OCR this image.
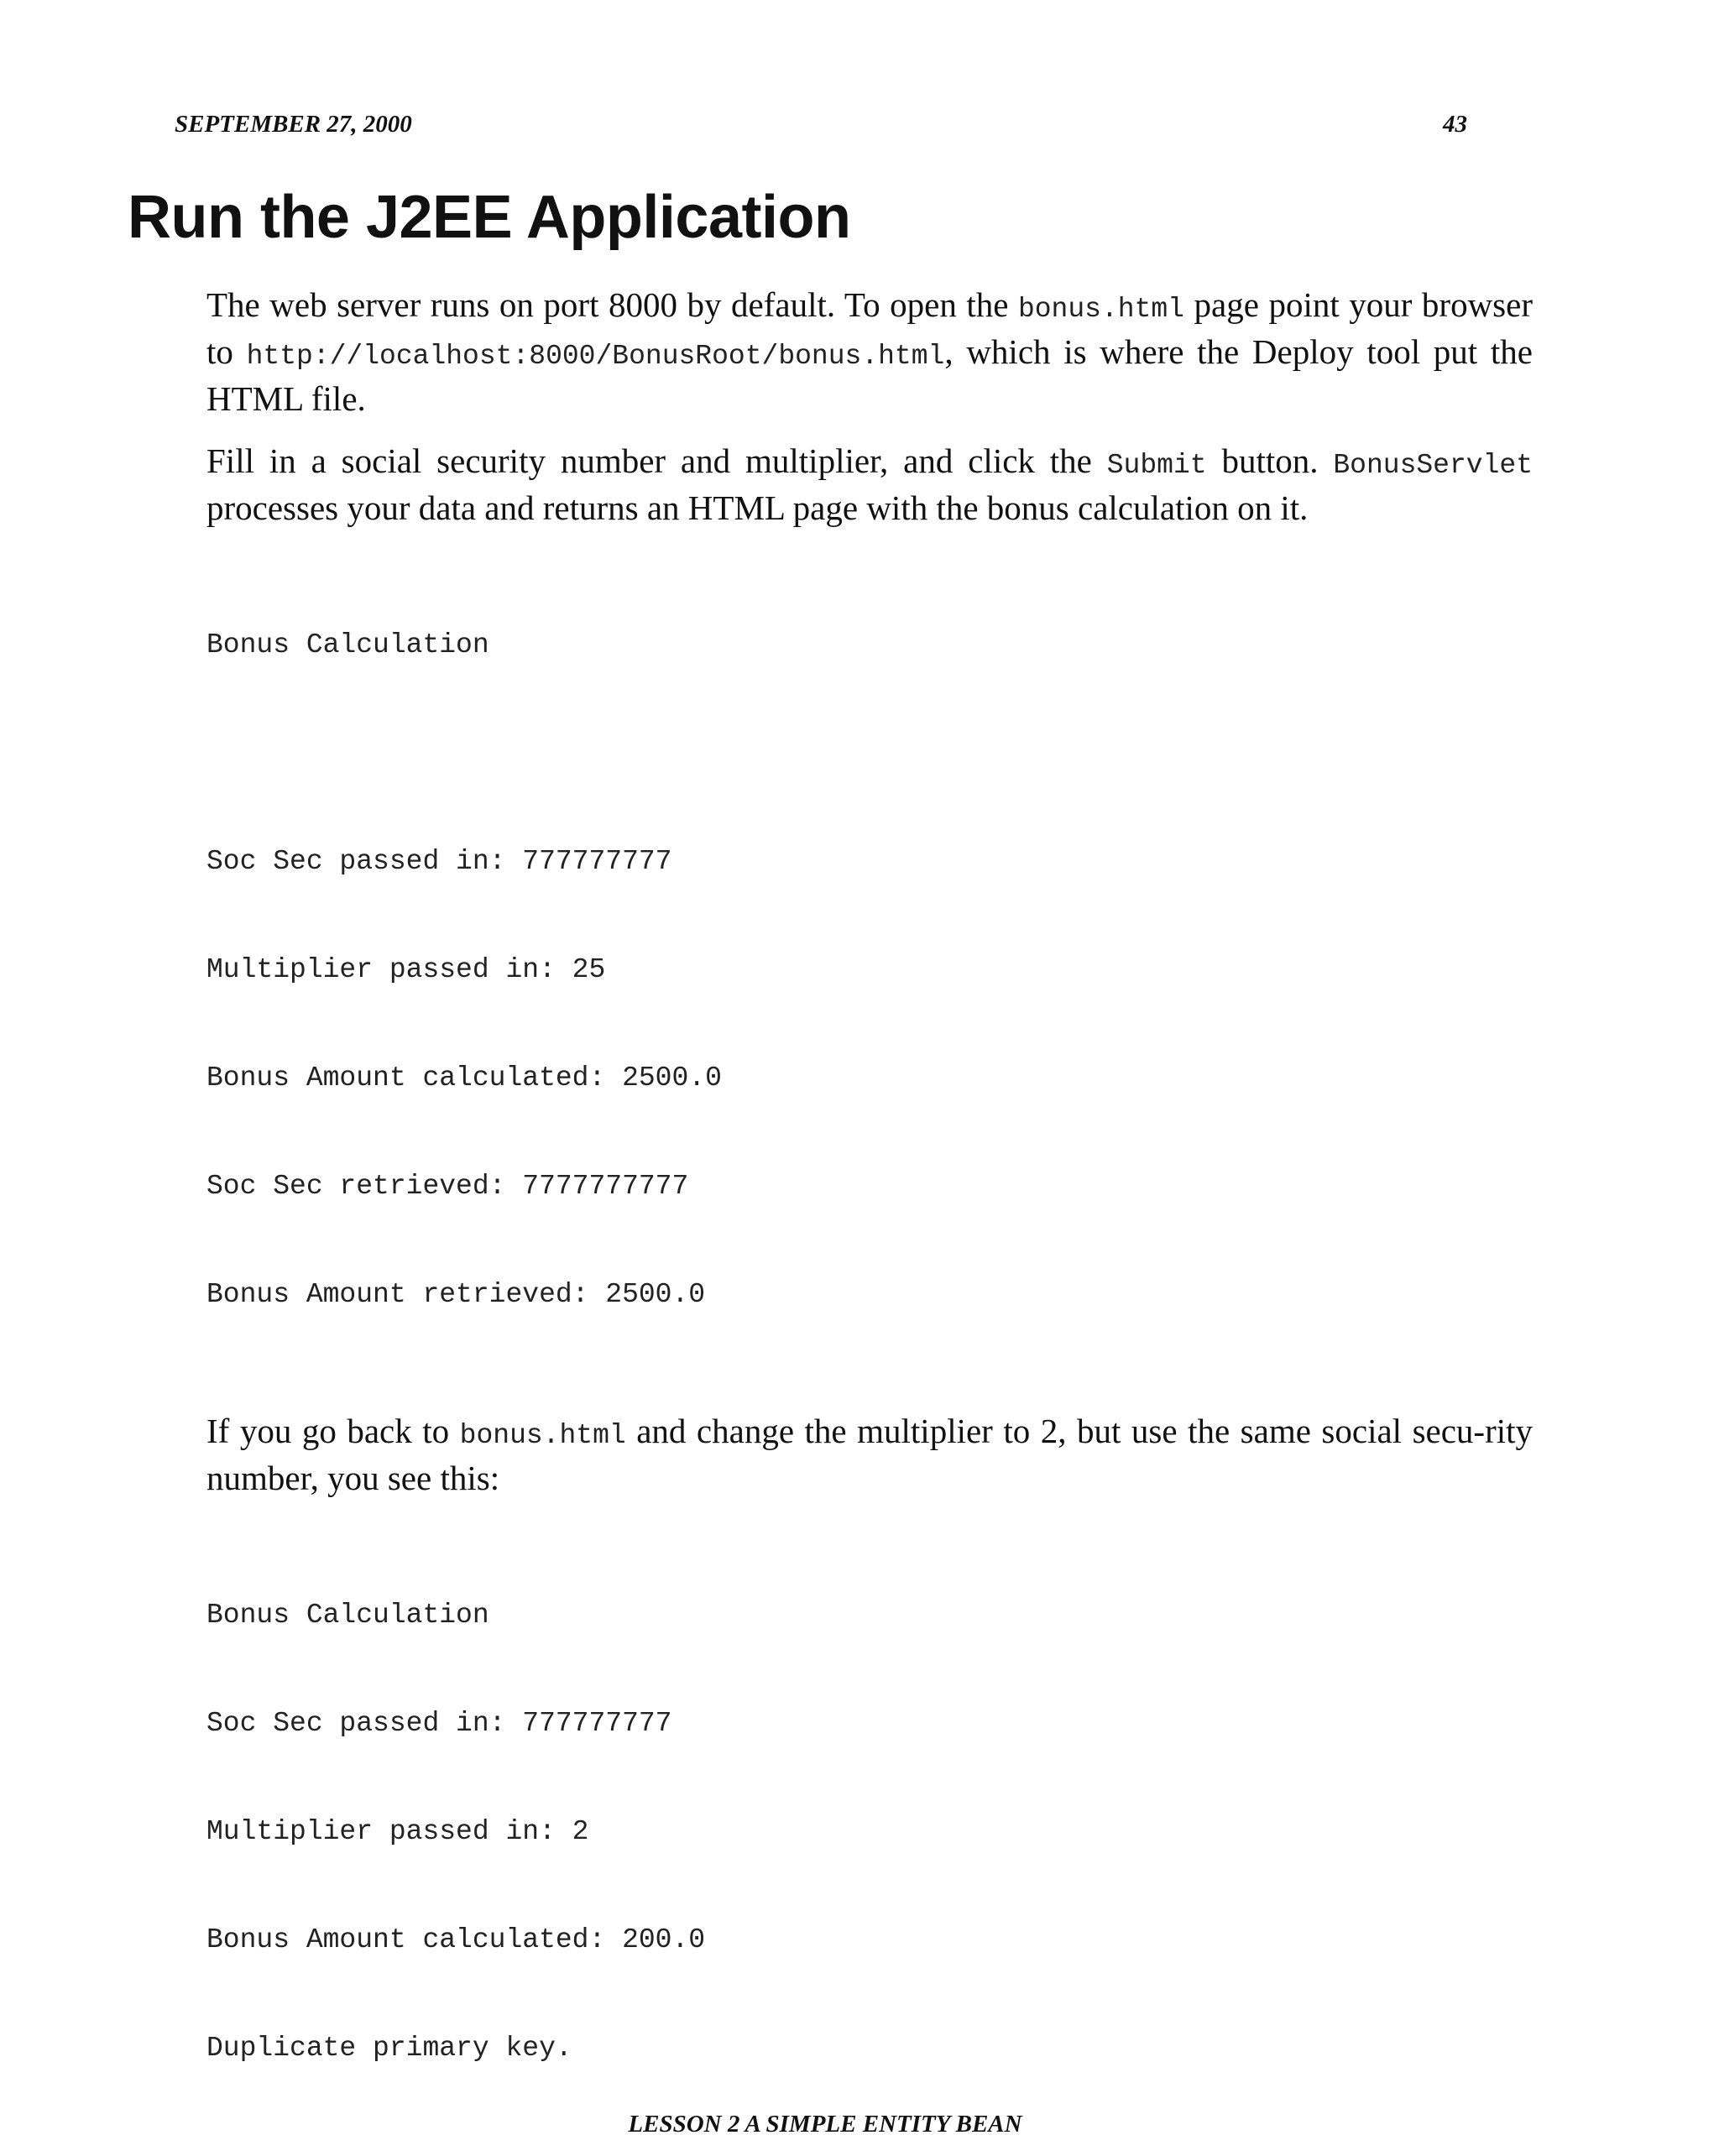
SEPTEMBER 27, 2000	43
Run the J2EE Application

The web server runs on port 8000 by default. To open the bonus.html page point your browser to http://localhost:8000/BonusRoot/bonus.html, which is where the Deploy tool put the HTML file.

Fill in a social security number and multiplier, and click the Submit button. BonusServlet processes your data and returns an HTML page with the bonus calculation on it.

Bonus Calculation

Soc Sec passed in: 777777777

Multiplier passed in: 25

Bonus Amount calculated: 2500.0

Soc Sec retrieved: 7777777777

Bonus Amount retrieved: 2500.0

If you go back to bonus.html and change the multiplier to 2, but use the same social secu-rity number, you see this:

Bonus Calculation

Soc Sec passed in: 777777777

Multiplier passed in: 2

Bonus Amount calculated: 200.0

Duplicate primary key.

LESSON 2 A SIMPLE ENTITY BEAN
